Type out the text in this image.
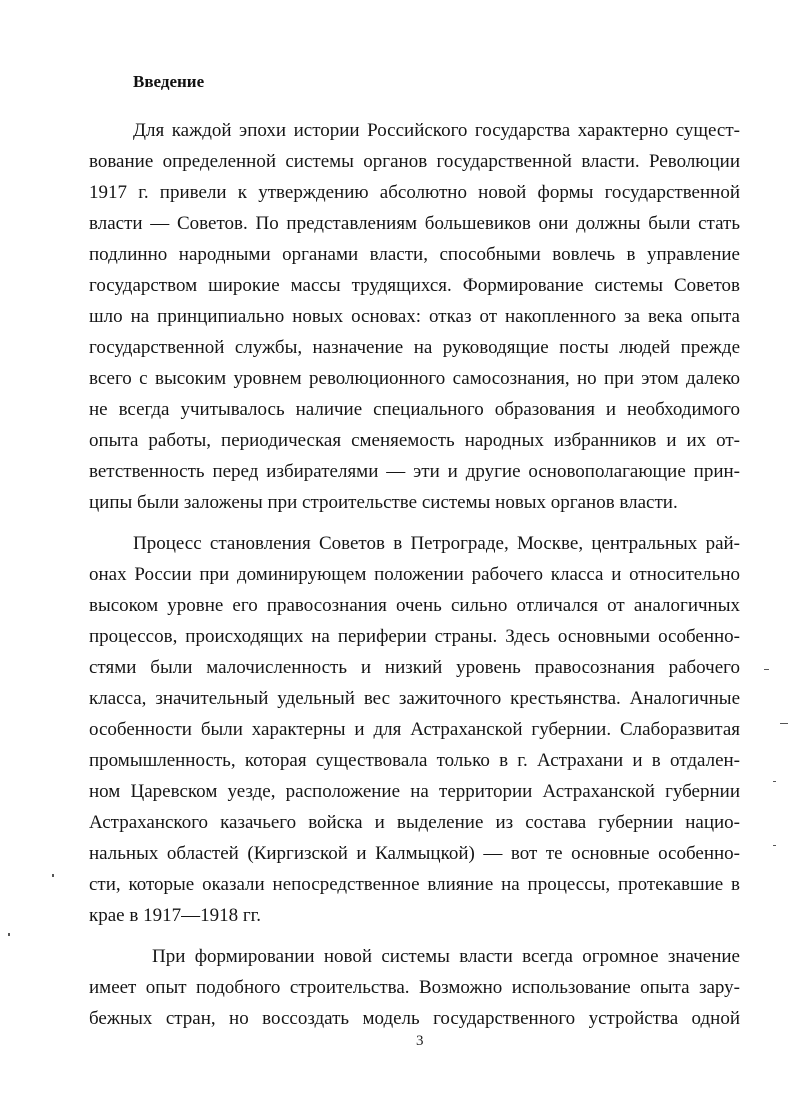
Введение
Для каждой эпохи истории Российского государства характерно сущест-
вование определенной системы органов государственной власти. Революции
1917 г. привели к утверждению абсолютно новой формы государственной
власти — Советов. По представлениям большевиков они должны были стать
подлинно народными органами власти, способными вовлечь в управление
государством широкие массы трудящихся. Формирование системы Советов
шло на принципиально новых основах: отказ от накопленного за века опыта
государственной службы, назначение на руководящие посты людей прежде
всего с высоким уровнем революционного самосознания, но при этом далеко
не всегда учитывалось наличие специального образования и необходимого
опыта работы, периодическая сменяемость народных избранников и их от-
ветственность перед избирателями — эти и другие основополагающие прин-
ципы были заложены при строительстве системы новых органов власти.
Процесс становления Советов в Петрограде, Москве, центральных рай-
онах России при доминирующем положении рабочего класса и относительно
высоком уровне его правосознания очень сильно отличался от аналогичных
процессов, происходящих на периферии страны. Здесь основными особенно-
стями были малочисленность и низкий уровень правосознания рабочего
класса, значительный удельный вес зажиточного крестьянства. Аналогичные
особенности были характерны и для Астраханской губернии. Слаборазвитая
промышленность, которая существовала только в г. Астрахани и в отдален-
ном Царевском уезде, расположение на территории Астраханской губернии
Астраханского казачьего войска и выделение из состава губернии нацио-
нальных областей (Киргизской и Калмыцкой) — вот те основные особенно-
сти, которые оказали непосредственное влияние на процессы, протекавшие в
крае в 1917—1918 гг.
При формировании новой системы власти всегда огромное значение
имеет опыт подобного строительства. Возможно использование опыта зару-
бежных стран, но воссоздать модель государственного устройства одной
3
